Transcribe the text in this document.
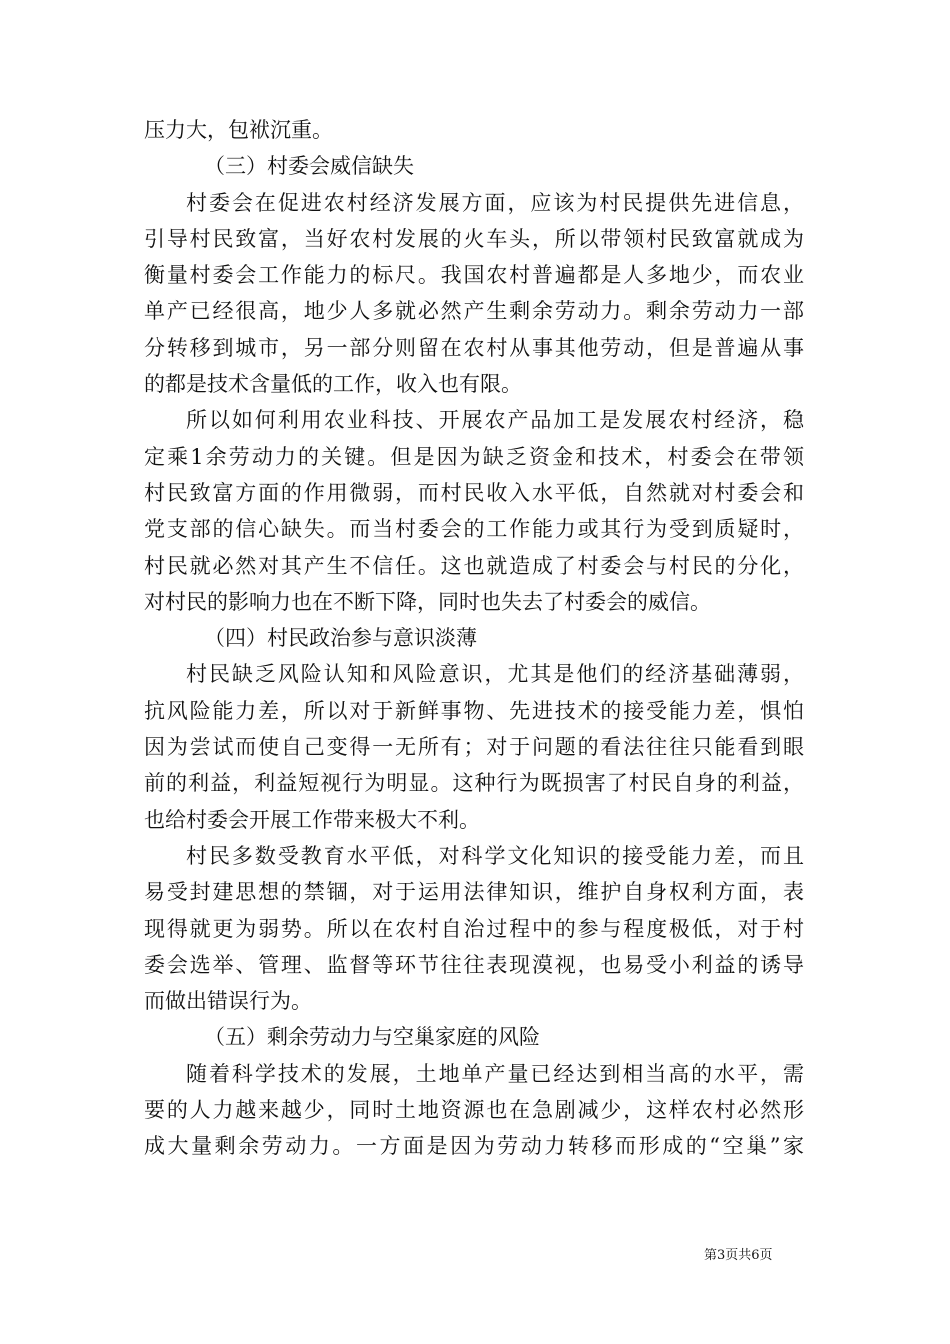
压力大，包袱沉重。
（三）村委会威信缺失
村委会在促进农村经济发展方面，应该为村民提供先进信息，
引导村民致富，当好农村发展的火车头，所以带领村民致富就成为
衡量村委会工作能力的标尺。我国农村普遍都是人多地少，而农业
单产已经很高，地少人多就必然产生剩余劳动力。剩余劳动力一部
分转移到城市，另一部分则留在农村从事其他劳动，但是普遍从事
的都是技术含量低的工作，收入也有限。
所以如何利用农业科技、开展农产品加工是发展农村经济，稳
定乘1余劳动力的关键。但是因为缺乏资金和技术，村委会在带领
村民致富方面的作用微弱，而村民收入水平低，自然就对村委会和
党支部的信心缺失。而当村委会的工作能力或其行为受到质疑时，
村民就必然对其产生不信任。这也就造成了村委会与村民的分化，
对村民的影响力也在不断下降，同时也失去了村委会的威信。
（四）村民政治参与意识淡薄
村民缺乏风险认知和风险意识，尤其是他们的经济基础薄弱，
抗风险能力差，所以对于新鲜事物、先进技术的接受能力差，惧怕
因为尝试而使自己变得一无所有；对于问题的看法往往只能看到眼
前的利益，利益短视行为明显。这种行为既损害了村民自身的利益，
也给村委会开展工作带来极大不利。
村民多数受教育水平低，对科学文化知识的接受能力差，而且
易受封建思想的禁锢，对于运用法律知识，维护自身权利方面，表
现得就更为弱势。所以在农村自治过程中的参与程度极低，对于村
委会选举、管理、监督等环节往往表现漠视，也易受小利益的诱导
而做出错误行为。
（五）剩余劳动力与空巢家庭的风险
随着科学技术的发展，土地单产量已经达到相当高的水平，需
要的人力越来越少，同时土地资源也在急剧减少，这样农村必然形
成大量剩余劳动力。一方面是因为劳动力转移而形成的“空巢”家
第3页共6页
